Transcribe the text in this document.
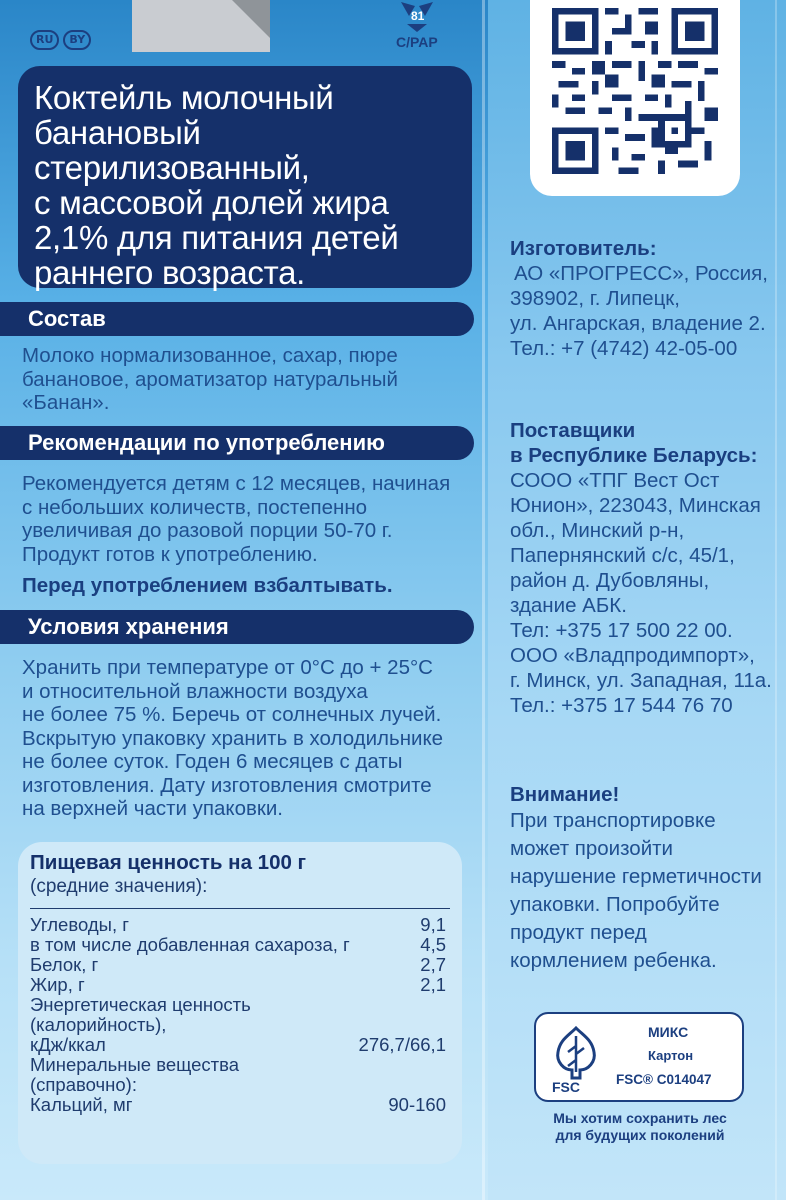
RU	BY
81
C/PAP
Коктейль молочный
банановый
стерилизованный,
с массовой долей жира
2,1% для питания детей
раннего возраста.
Состав
Молоко нормализованное, сахар, пюре
банановое, ароматизатор натуральный
«Банан».
Рекомендации по употреблению
Рекомендуется детям с 12 месяцев, начиная
с небольших количеств, постепенно
увеличивая до разовой порции 50-70 г.
Продукт готов к употреблению.
Перед употреблением взбалтывать.
Условия хранения
Хранить при температуре от 0°С до + 25°С
и относительной влажности воздуха
не более 75 %. Беречь от солнечных лучей.
Вскрытую упаковку хранить в холодильнике
не более суток. Годен 6 месяцев с даты
изготовления. Дату изготовления смотрите
на верхней части упаковки.
Пищевая ценность на 100 г
(средние значения):
Углеводы, г	9,1
в том числе добавленная сахароза, г	4,5
Белок, г	2,7
Жир, г	2,1
Энергетическая ценность
(калорийность),
кДж/ккал	276,7/66,1
Минеральные вещества
(справочно):
Кальций, мг	90-160
Изготовитель:
АО «ПРОГРЕСС», Россия,
398902, г. Липецк,
ул. Ангарская, владение 2.
Тел.: +7 (4742) 42-05-00
Поставщики
в Республике Беларусь:
СООО «ТПГ Вест Ост
Юнион», 223043, Минская
обл., Минский р-н,
Папернянский с/с, 45/1,
район д. Дубовляны,
здание АБК.
Тел: +375 17 500 22 00.
ООО «Владпродимпорт»,
г. Минск, ул. Западная, 11а.
Тел.: +375 17 544 76 70
Внимание!
При транспортировке
может произойти
нарушение герметичности
упаковки. Попробуйте
продукт перед
кормлением ребенка.
FSC
МИКС
Картон
FSC® C014047
Мы хотим сохранить лес
для будущих поколений
